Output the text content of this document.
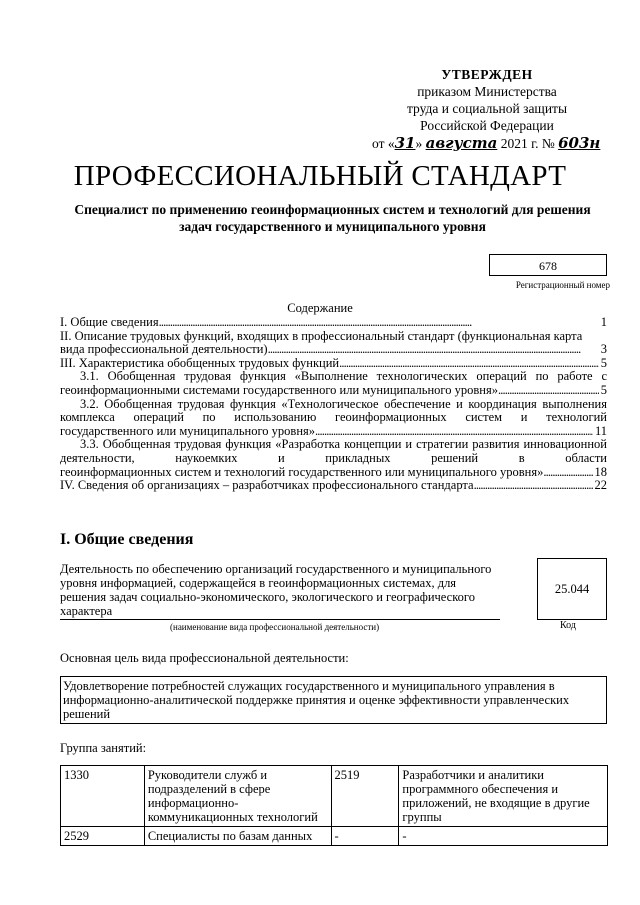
УТВЕРЖДЕН
приказом Министерства
труда и социальной защиты
Российской Федерации
от «31» августа 2021 г. № 603н
ПРОФЕССИОНАЛЬНЫЙ СТАНДАРТ
Специалист по применению геоинформационных систем и технологий для решения задач государственного и муниципального уровня
678
Регистрационный номер
Содержание
I. Общие сведения . . .	1
II. Описание трудовых функций, входящих в профессиональный стандарт (функциональная карта
вида профессиональной деятельности) . . .	3
III. Характеристика обобщенных трудовых функций . . .	5
3.1. Обобщенная трудовая функция «Выполнение технологических операций по работе с
геоинформационными системами государственного или муниципального уровня» . . .	5
3.2. Обобщенная трудовая функция «Технологическое обеспечение и координация выполнения комплекса операций по использованию геоинформационных систем и технологий
государственного или муниципального уровня» . . .	11
3.3. Обобщенная трудовая функция «Разработка концепции и стратегии развития инновационной деятельности, наукоемких и прикладных решений в области
геоинформационных систем и технологий государственного или муниципального уровня» . . .	18
IV. Сведения об организациях – разработчиках профессионального стандарта . . .	22
I. Общие сведения
Деятельность по обеспечению организаций государственного и муниципального уровня информацией, содержащейся в геоинформационных системах, для решения задач социально-экономического, экологического и географического характера
25.044
(наименование вида профессиональной деятельности)	Код
Основная цель вида профессиональной деятельности:
Удовлетворение потребностей служащих государственного и муниципального управления в информационно-аналитической поддержке принятия и оценке эффективности управленческих решений
Группа занятий:
1330	Руководители служб и подразделений в сфере информационно-коммуникационных технологий	2519	Разработчики и аналитики программного обеспечения и приложений, не входящие в другие группы
2529	Специалисты по базам данных	-	-
